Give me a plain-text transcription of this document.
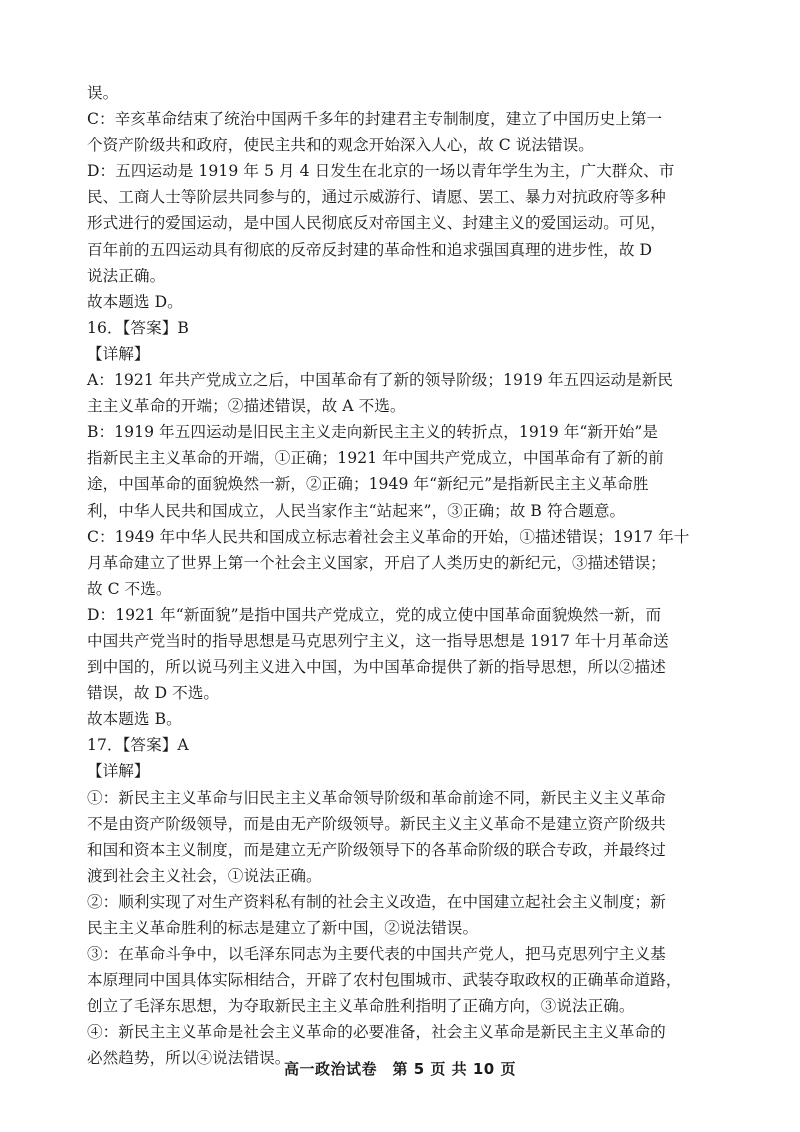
误。
C：辛亥革命结束了统治中国两千多年的封建君主专制制度，建立了中国历史上第一
个资产阶级共和政府，使民主共和的观念开始深入人心，故 C 说法错误。
D：五四运动是 1919 年 5 月 4 日发生在北京的一场以青年学生为主，广大群众、市
民、工商人士等阶层共同参与的，通过示威游行、请愿、罢工、暴力对抗政府等多种
形式进行的爱国运动，是中国人民彻底反对帝国主义、封建主义的爱国运动。可见，
百年前的五四运动具有彻底的反帝反封建的革命性和追求强国真理的进步性，故 D
说法正确。
故本题选 D。
16．【答案】B
【详解】
A：1921 年共产党成立之后，中国革命有了新的领导阶级；1919 年五四运动是新民
主主义革命的开端；②描述错误，故 A 不选。
B：1919 年五四运动是旧民主主义走向新民主主义的转折点，1919 年“新开始”是
指新民主主义革命的开端，①正确；1921 年中国共产党成立，中国革命有了新的前
途，中国革命的面貌焕然一新，②正确；1949 年“新纪元”是指新民主主义革命胜
利，中华人民共和国成立，人民当家作主“站起来”，③正确；故 B 符合题意。
C：1949 年中华人民共和国成立标志着社会主义革命的开始，①描述错误；1917 年十
月革命建立了世界上第一个社会主义国家，开启了人类历史的新纪元，③描述错误；
故 C 不选。
D：1921 年“新面貌”是指中国共产党成立，党的成立使中国革命面貌焕然一新，而
中国共产党当时的指导思想是马克思列宁主义，这一指导思想是 1917 年十月革命送
到中国的，所以说马列主义进入中国，为中国革命提供了新的指导思想，所以②描述
错误，故 D 不选。
故本题选 B。
17．【答案】A
【详解】
①：新民主主义革命与旧民主主义革命领导阶级和革命前途不同，新民主义主义革命
不是由资产阶级领导，而是由无产阶级领导。新民主义主义革命不是建立资产阶级共
和国和资本主义制度，而是建立无产阶级领导下的各革命阶级的联合专政，并最终过
渡到社会主义社会，①说法正确。
②：顺利实现了对生产资料私有制的社会主义改造，在中国建立起社会主义制度；新
民主主义革命胜利的标志是建立了新中国，②说法错误。
③：在革命斗争中，以毛泽东同志为主要代表的中国共产党人，把马克思列宁主义基
本原理同中国具体实际相结合，开辟了农村包围城市、武装夺取政权的正确革命道路，
创立了毛泽东思想，为夺取新民主主义革命胜利指明了正确方向，③说法正确。
④：新民主主义革命是社会主义革命的必要准备，社会主义革命是新民主主义革命的
必然趋势，所以④说法错误。
高一政治试卷　第 5 页 共 10 页
